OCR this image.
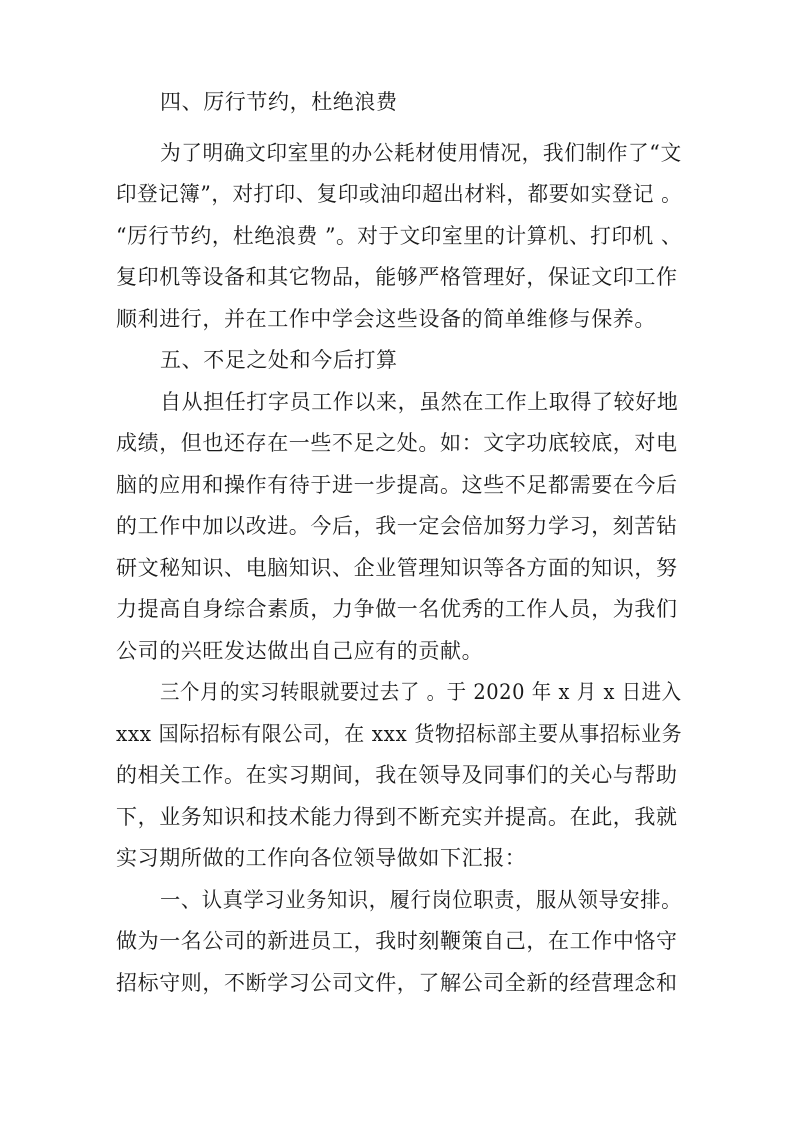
四、厉行节约，杜绝浪费
为了明确文印室里的办公耗材使用情况，我们制作了“文
印登记簿”，对打印、复印或油印超出材料，都要如实登记 。
“厉行节约，杜绝浪费 ”。对于文印室里的计算机、打印机 、
复印机等设备和其它物品，能够严格管理好，保证文印工作
顺利进行，并在工作中学会这些设备的简单维修与保养。
五、不足之处和今后打算
自从担任打字员工作以来，虽然在工作上取得了较好地
成绩，但也还存在一些不足之处。如：文字功底较底，对电
脑的应用和操作有待于进一步提高。这些不足都需要在今后
的工作中加以改进。今后，我一定会倍加努力学习，刻苦钻
研文秘知识、电脑知识、企业管理知识等各方面的知识，努
力提高自身综合素质，力争做一名优秀的工作人员，为我们
公司的兴旺发达做出自己应有的贡献。
三个月的实习转眼就要过去了 。于 2020 年 x 月 x 日进入
xxx 国际招标有限公司，在 xxx 货物招标部主要从事招标业务
的相关工作。在实习期间，我在领导及同事们的关心与帮助
下，业务知识和技术能力得到不断充实并提高。在此，我就
实习期所做的工作向各位领导做如下汇报：
一、认真学习业务知识，履行岗位职责，服从领导安排。
做为一名公司的新进员工，我时刻鞭策自己，在工作中恪守
招标守则，不断学习公司文件，了解公司全新的经营理念和
